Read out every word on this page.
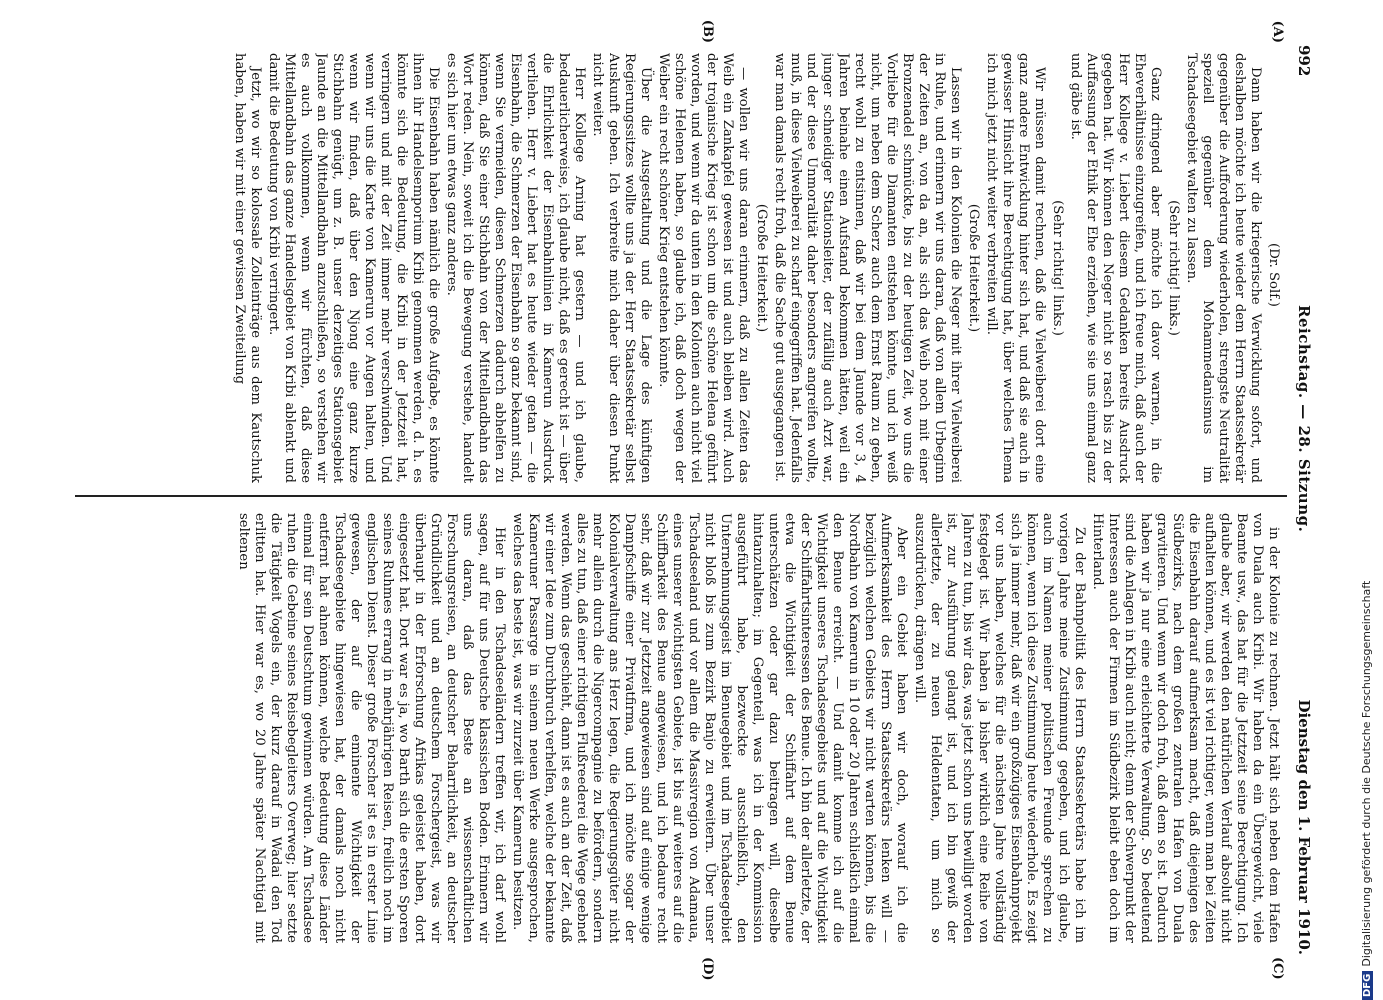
992
Reichstag. — 28. Sitzung.
Dienstag den 1. Februar 1910.
(A)
(B)
(C)
(D)

(Dr. Solf.)

Dann haben wir die kriegerische Verwicklung sofort, und deshalben möchte ich heute wieder dem Herrn Staatssekretär gegenüber die Aufforderung wiederholen, strengste Neutralität speziell gegenüber dem Mohammedanismus im Tschadseegebiet walten zu lassen.

(Sehr richtig! links.)

Ganz dringend aber möchte ich davor warnen, in die Eheverhältnisse einzugreifen, und ich freue mich, daß auch der Herr Kollege v. Liebert diesem Gedanken bereits Ausdruck gegeben hat. Wir können den Neger nicht so rasch bis zu der Auffassung der Ethik der Ehe erziehen, wie sie uns einmal ganz und gäbe ist.

(Sehr richtig! links.)

Wir müssen damit rechnen, daß die Vielweiberei dort eine ganz andere Entwicklung hinter sich hat, und daß sie auch in gewisser Hinsicht ihre Berechtigung hat, über welches Thema ich mich jetzt nicht weiter verbreiten will.

(Große Heiterkeit.)

Lassen wir in den Kolonien die Neger mit ihrer Vielweiberei in Ruhe, und erinnern wir uns daran, daß von allem Urbeginn der Zeiten an, von da an, als sich das Weib noch mit einer Bronzenadel schmückte, bis zu der heutigen Zeit, wo uns die Vorliebe für die Diamanten entstehen könnte, und ich weiß nicht, um neben dem Scherz auch dem Ernst Raum zu geben, recht wohl zu entsinnen, daß wir bei dem Jaunde vor 3, 4 Jahren beinahe einen Aufstand bekommen hätten, weil ein junger schneidiger Stationsleiter, der zufällig auch Arzt war, und der diese Unmoralität daher besonders angreifen wollte, muß, in diese Vielweiberei zu scharf eingegriffen hat. Jedenfalls war man damals recht froh, daß die Sache gut ausgegangen ist.

(Große Heiterkeit.)

— wollen wir uns daran erinnern, daß zu allen Zeiten das Weib ein Zankapfel gewesen ist und auch bleiben wird. Auch der trojanische Krieg ist schon um die schöne Helena geführt worden, und wenn wir da unten in den Kolonien auch nicht viel schöne Helenen haben, so glaube ich, daß doch wegen der Weiber ein recht schöner Krieg entstehen könnte.

Über die Ausgestaltung und die Lage des künftigen Regierungssitzes wollte uns ja der Herr Staatssekretär selbst Auskunft geben. Ich verbreite mich daher über diesen Punkt nicht weiter.

Herr Kollege Arning hat gestern — und ich glaube, bedauerlicherweise, ich glaube nicht, daß es gerecht ist — über die Ehrlichkeit der Eisenbahnlinien in Kamerun Ausdruck verliehen. Herr v. Liebert hat es heute wieder getan — die Eisenbahn, die Schmerzen der Eisenbahn so ganz bekannt sind, wenn Sie vermeiden, diesen Schmerzen dadurch abhelfen zu können, daß Sie einer Stichbahn von der Mittellandbahn das Wort reden. Nein, soweit ich die Bewegung verstehe, handelt es sich hier um etwas ganz anderes.

Die Eisenbahn haben nämlich die große Aufgabe, es könnte ihnen ihr Handelsemporium Kribi genommen werden, d. h. es könnte sich die Bedeutung, die Kribi in der Jetztzeit hat, verringern und mit der Zeit immer mehr verschwinden. Und wenn wir uns die Karte von Kamerun vor Augen halten, und wenn wir finden, daß über den Njong eine ganz kurze Stichbahn genügt, um z. B. unser derzeitiges Stationsgebiet Jaunde an die Mittellandbahn anzuschließen, so verstehen wir es auch vollkommen, wenn wir fürchten, daß diese Mittellandbahn das ganze Handelsgebiet von Kribi ablenkt und damit die Bedeutung von Kribi verringert.

Jetzt, wo wir so kolossale Zolleinträge aus dem Kautschuk haben, haben wir mit einer gewissen Zweiteilung

in der Kolonie zu rechnen. Jetzt hält sich neben dem Hafen von Duala auch Kribi. Wir haben da ein Übergewicht, viele Beamte usw., das hat für die Jetztzeit seine Berechtigung. Ich glaube aber, wir werden den natürlichen Verlauf absolut nicht aufhalten können, und es ist viel richtiger, wenn man bei Zeiten die Eisenbahn darauf aufmerksam macht, daß diejenigen des Südbezirks, nach dem großen zentralen Hafen von Duala gravitieren. Und wenn wir doch froh, daß dem so ist. Dadurch haben wir ja nur eine erleichterte Verwaltung. So bedeutend sind die Anlagen in Kribi auch nicht; denn der Schwerpunkt der Interessen auch der Firmen im Südbezirk bleibt eben doch im Hinterland.

Zu der Bahnpolitik des Herrn Staatssekretärs habe ich im vorigen Jahre meine Zustimmung gegeben, und ich glaube, auch im Namen meiner politischen Freunde sprechen zu können, wenn ich diese Zustimmung heute wiederhole. Es zeigt sich ja immer mehr, daß wir ein großzügiges Eisenbahnprojekt vor uns haben, welches für die nächsten Jahre vollständig festgelegt ist. Wir haben ja bisher wirklich eine Reihe von Jahren zu tun, bis wir das, was jetzt schon uns bewilligt worden ist, zur Ausführung gelangt ist, und ich bin gewiß der allerletzte, der zu neuen Heldentaten, um mich so auszudrücken, drängen will.

Aber ein Gebiet haben wir doch, worauf ich die Aufmerksamkeit des Herrn Staatssekretärs lenken will — bezüglich welchen Gebiets wir nicht warten können, bis die Nordbahn von Kamerun in 10 oder 20 Jahren schließlich einmal den Benue erreicht. — Und damit komme ich auf die Wichtigkeit unseres Tschadseegebiets und auf die Wichtigkeit der Schiffahrtsinteressen des Benue. Ich bin der allerletzte, der etwa die Wichtigkeit der Schiffahrt auf dem Benue unterschätzen oder gar dazu beitragen will, dieselbe hintanzuhalten; im Gegenteil, was ich in der Kommission ausgeführt habe, bezweckte ausschließlich, den Unternehmungsgeist im Benuegebiet und im Tschadseegebiet nicht bloß bis zum Bezirk Banjo zu erweitern. Über unser Tschadseeland und vor allem die Massivregion von Adamaua, eines unserer wichtigsten Gebiete, ist bis auf weiteres auf die Schiffbarkeit des Benue angewiesen, und ich bedaure recht sehr, daß wir zur Jetztzeit angewiesen sind auf einige wenige Dampfschiffe einer Privatfirma, und ich möchte sogar der Kolonialverwaltung ans Herz legen, die Regierungsgüter nicht mehr allein durch die Nigercompagnie zu befördern, sondern alles zu tun, daß einer richtigen Flußreederei die Wege geebnet werden. Wenn das geschieht, dann ist es auch an der Zeit, daß wir einer Idee zum Durchbruch verhelfen, welche der bekannte Kameruner Passarge in seinem neuen Werke ausgesprochen, welches das beste ist, was wir zurzeit über Kamerun besitzen.

Hier in den Tschadseeländern treffen wir, ich darf wohl sagen, auf für uns Deutsche klassischen Boden. Erinnern wir uns daran, daß das Beste an wissenschaftlichen Forschungsreisen, an deutscher Beharrlichkeit, an deutscher Gründlichkeit und an deutschem Forschergeist, was wir überhaupt in der Erforschung Afrikas geleistet haben, dort eingesetzt hat. Dort war es ja, wo Barth sich die ersten Sporen seines Ruhmes errang in mehrjährigen Reisen, freilich noch im englischen Dienst. Dieser große Forscher ist es in erster Linie gewesen, der auf die eminente Wichtigkeit der Tschadseegebiete hingewiesen hat, der damals noch nicht entfernt hat ahnen können, welche Bedeutung diese Länder einmal für sein Deutschtum gewinnen würden. Am Tschadsee ruhen die Gebeine seines Reisebegleiters Overweg; hier setzte die Tätigkeit Vogels ein, der kurz darauf in Wadai den Tod erlitten hat. Hier war es, wo 20 Jahre später Nachtigal mit seltenen

DFGDigitalisierung gefördert durch die Deutsche Forschungsgemeinschaft
